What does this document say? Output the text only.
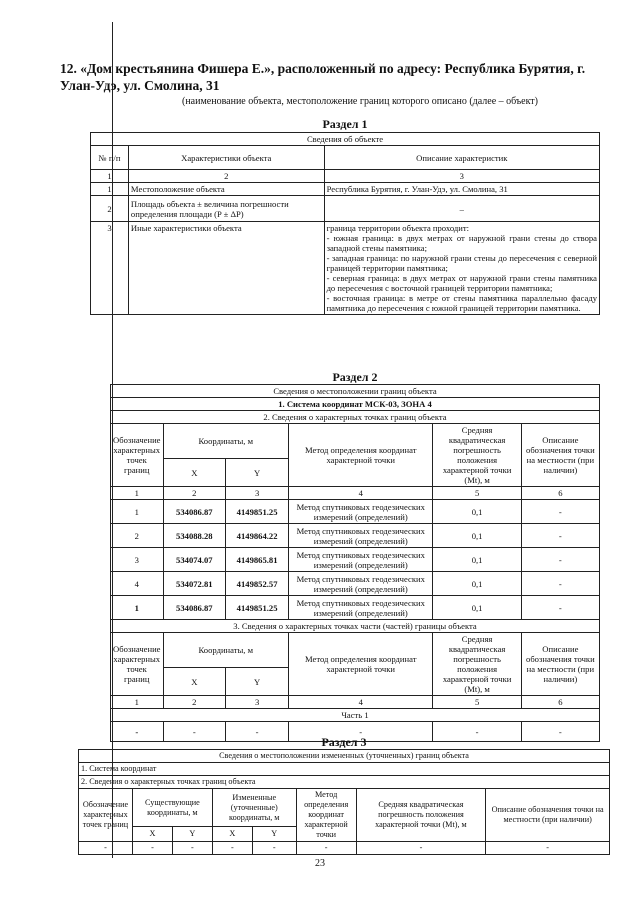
12. «Дом крестьянина Фишера Е.», расположенный по адресу: Республика Бурятия, г. Улан-Удэ, ул. Смолина, 31
(наименование объекта, местоположение границ которого описано (далее – объект)
Раздел 1
Сведения об объекте		
№ п/п	Характеристики объекта	Описание характеристик
1	2	3
1	Местоположение объекта	Республика Бурятия, г. Улан-Удэ, ул. Смолина, 31
2	Площадь объекта ± величина погрешности определения площади (P ± ΔP)	–
3	Иные характеристики объекта	граница территории объекта проходит:
- южная граница: в двух метрах от наружной грани стены до створа западной стены памятника;
- западная граница: по наружной грани стены до пересечения с северной границей территории памятника;
- северная граница: в двух метрах от наружной грани стены памятника до пересечения с восточной границей территории памятника;
- восточная граница: в метре от стены памятника параллельно фасаду памятника до пересечения с южной границей территории памятника.
Раздел 2
Сведения о местоположении границ объекта					
1. Система координат МСК-03, ЗОНА 4					
2. Сведения о характерных точках границ объекта					
Обозначение характерных точек границ	Координаты, м		Метод определения координат характерной точки	Средняя квадратическая погрешность положения характерной точки (Mt), м	Описание обозначения точки на местности (при наличии)
	X	Y			
1	2	3	4	5	6
1	534086.87	4149851.25	Метод спутниковых геодезических измерений (определений)	0,1	-
2	534088.28	4149864.22	Метод спутниковых геодезических измерений (определений)	0,1	-
3	534074.07	4149865.81	Метод спутниковых геодезических измерений (определений)	0,1	-
4	534072.81	4149852.57	Метод спутниковых геодезических измерений (определений)	0,1	-
1	534086.87	4149851.25	Метод спутниковых геодезических измерений (определений)	0,1	-
3. Сведения о характерных точках части (частей) границы объекта					
Обозначение характерных точек границ	Координаты, м		Метод определения координат характерной точки	Средняя квадратическая погрешность положения характерной точки (Mt), м	Описание обозначения точки на местности (при наличии)
	X	Y			
1	2	3	4	5	6
Часть 1					
-	-	-	-	-	-
Раздел 3
Сведения о местоположении измененных (уточненных) границ объекта							
1. Система координат							
2. Сведения о характерных точках границ объекта							
Обозначение характерных точек границ	Существующие координаты, м		Измененные (уточненные) координаты, м		Метод определения координат характерной точки	Средняя квадратическая погрешность положения характерной точки (Mt), м	Описание обозначения точки на местности (при наличии)
	X	Y	X	Y			
-	-	-	-	-	-	-	-
23
